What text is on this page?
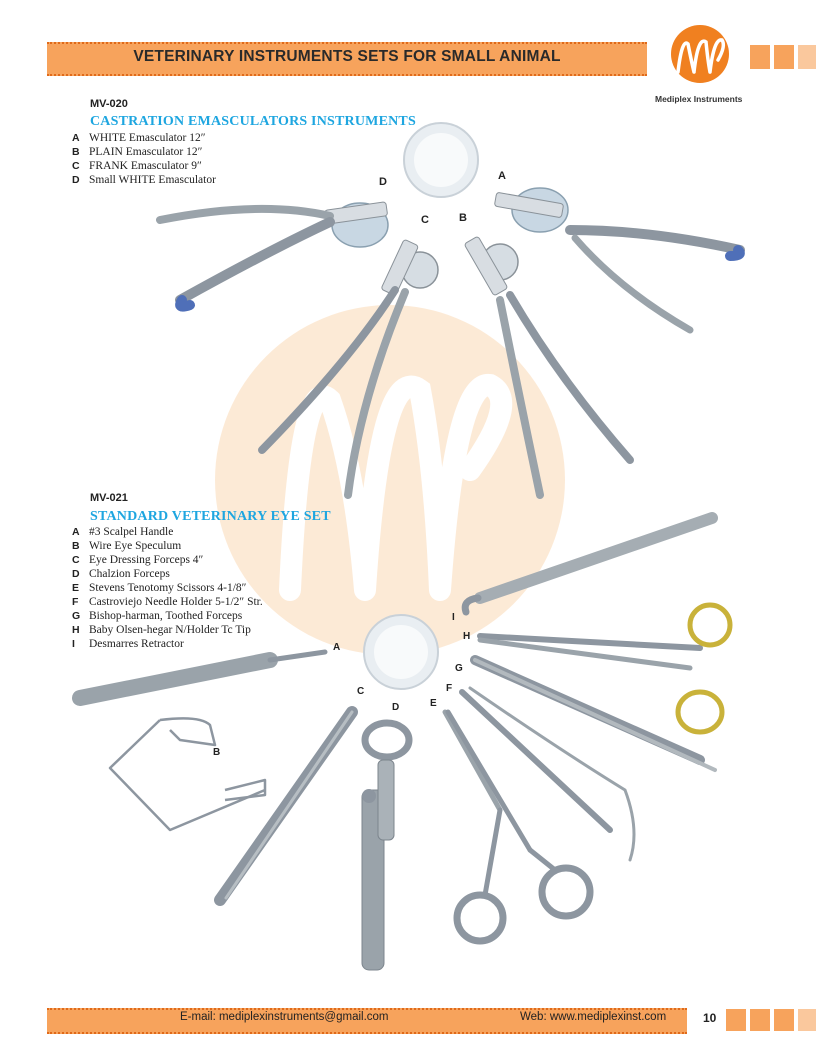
VETERINARY INSTRUMENTS SETS FOR SMALL ANIMAL
Mediplex Instruments
MV-020
CASTRATION EMASCULATORS INSTRUMENTS
A WHITE Emasculator 12″
B PLAIN Emasculator 12″
C FRANK Emasculator 9″
D Small WHITE Emasculator	D	A
C	B
MV-021
STANDARD VETERINARY EYE SET
A #3 Scalpel Handle
B Wire Eye Speculum
C Eye Dressing Forceps 4″
D Chalzion Forceps
E Stevens Tenotomy Scissors 4-1/8″
F Castroviejo Needle Holder 5-1/2″ Str.
G Bishop-harman, Toothed Forceps
H Baby Olsen-hegar N/Holder Tc Tip
I Desmarres Retractor
I
H
A
G
F
C
E
D
B
E-mail: mediplexinstruments@gmail.com	Web: www.mediplexinst.com	10
